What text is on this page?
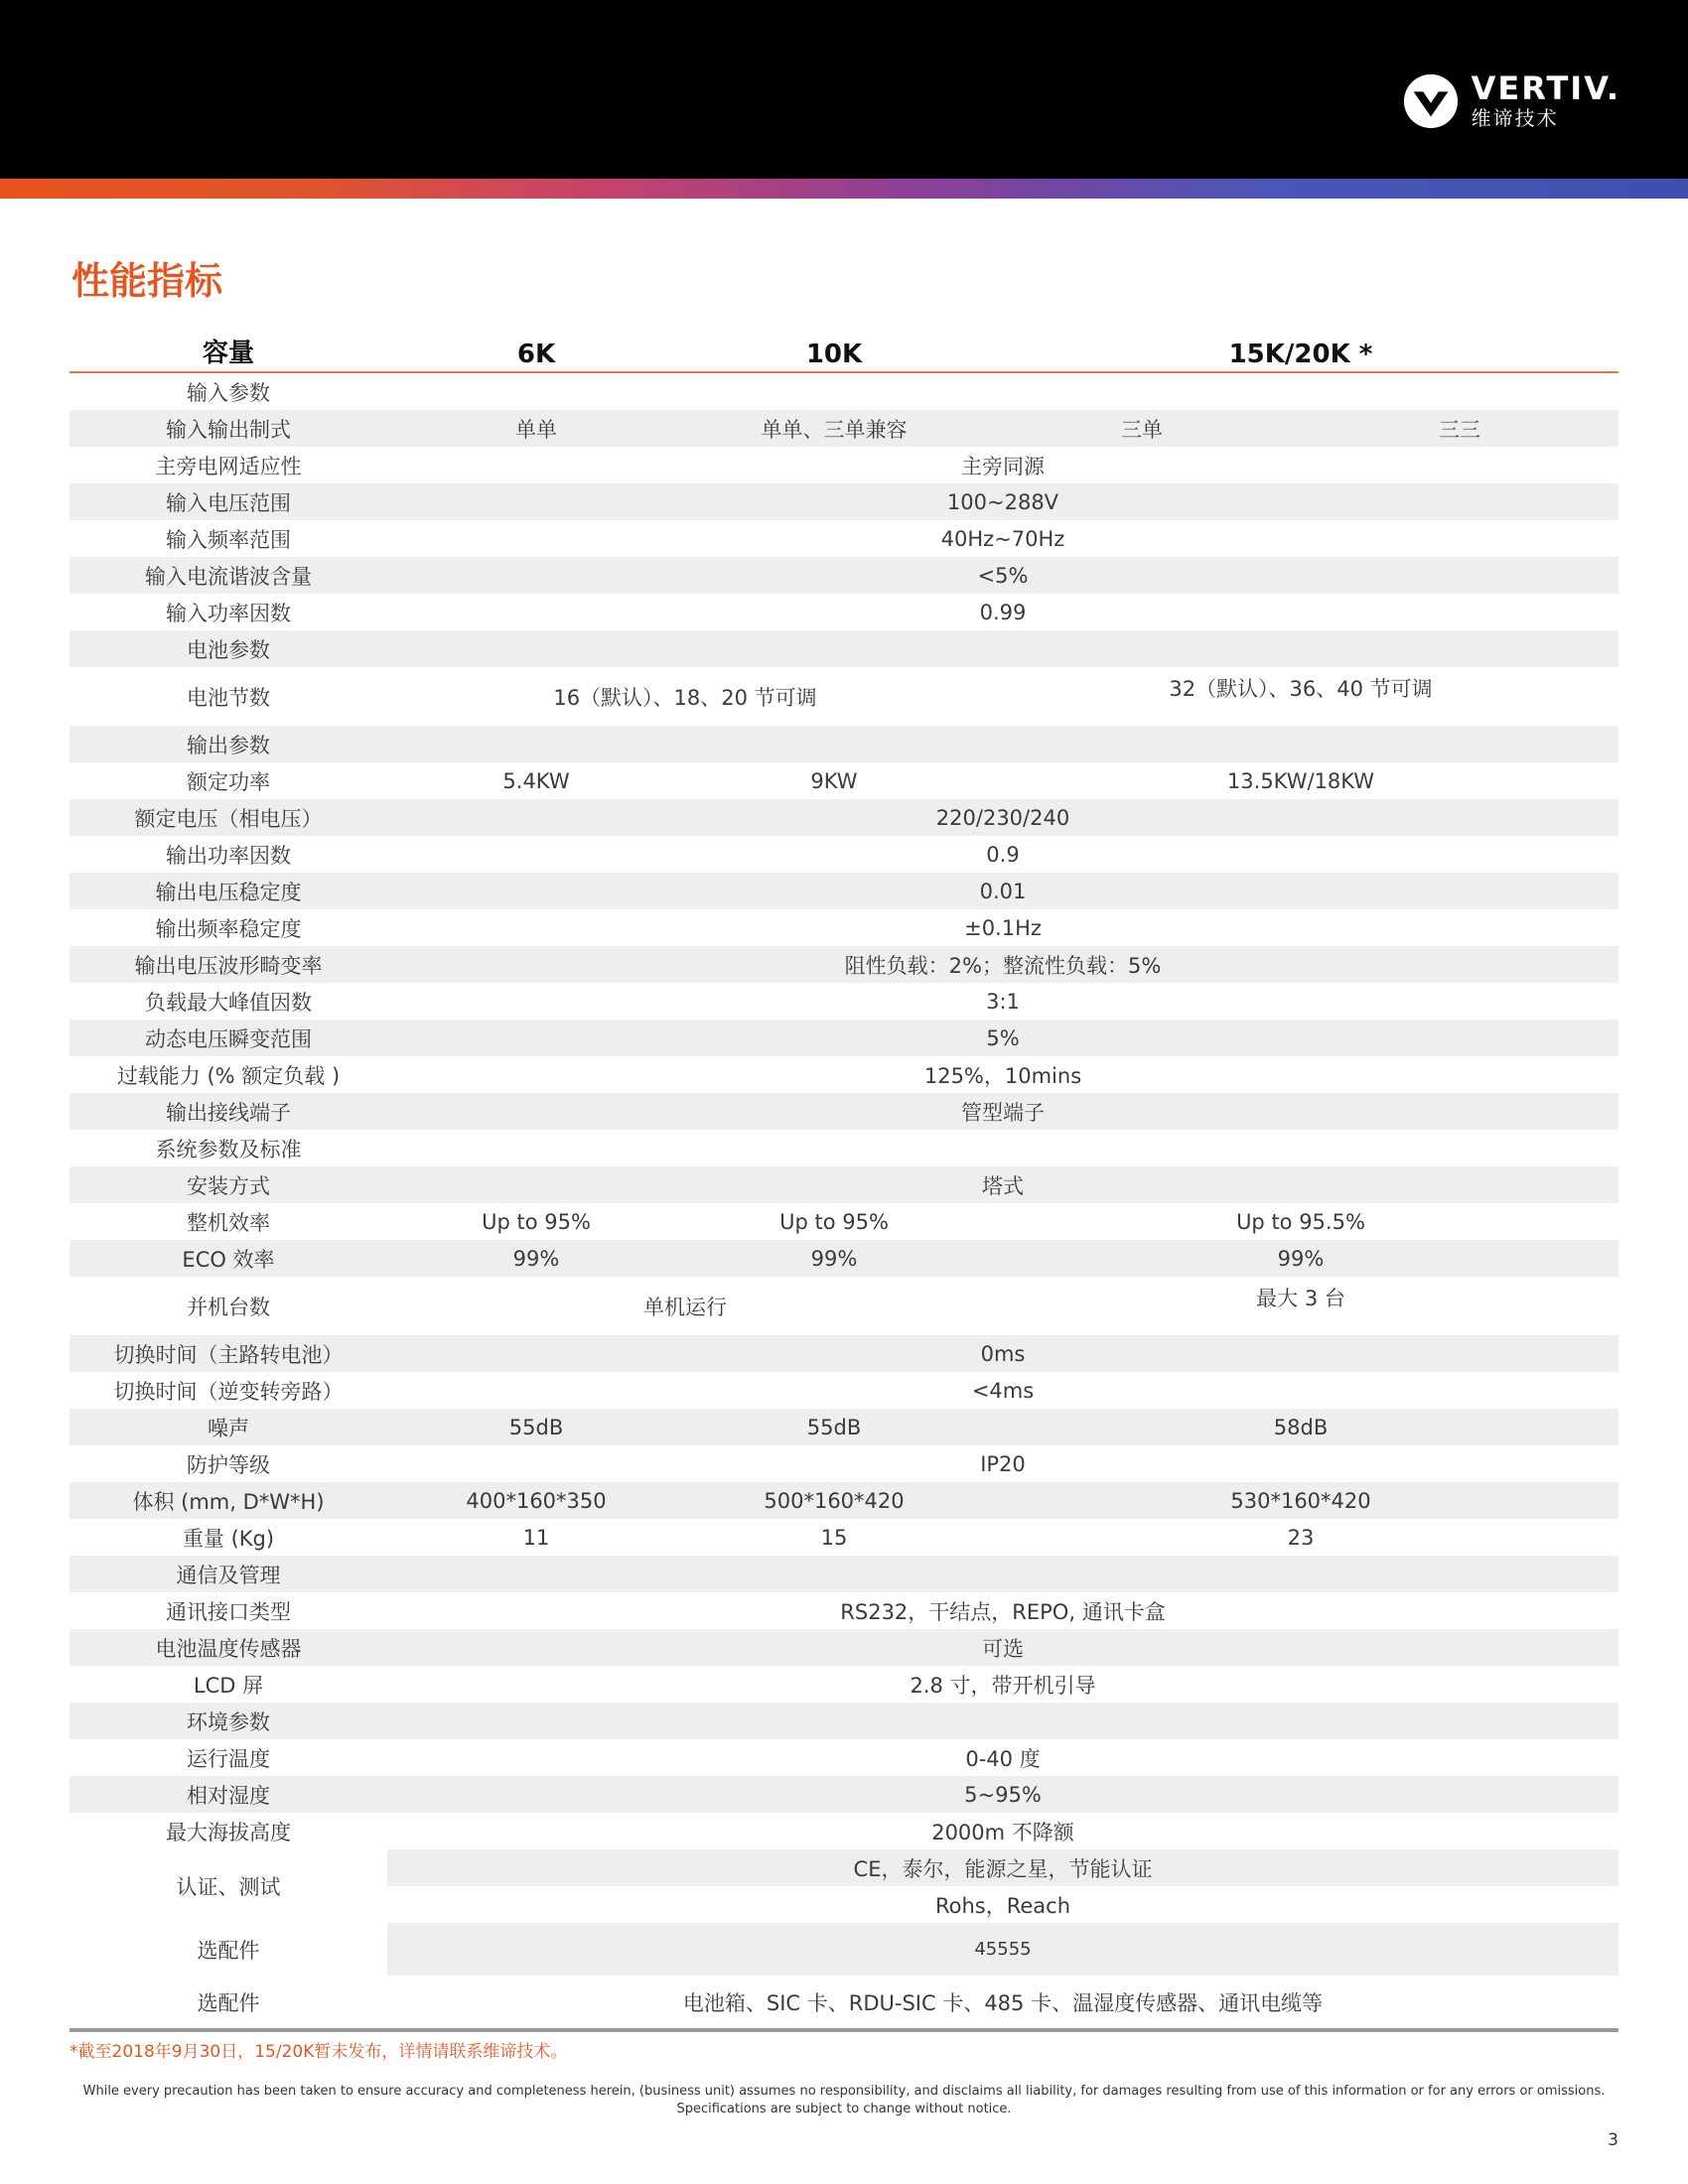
VERTIV.
维谛技术
性能指标
容量	6K	10K	15K/20K *	
输入参数				
输入输出制式	单单	单单、三单兼容	三单	三三
主旁电网适应性	主旁同源			
输入电压范围	100~288V			
输入频率范围	40Hz~70Hz			
输入电流谐波含量	<5%			
输入功率因数	0.99			
电池参数				
电池节数	16（默认）、18、20 节可调		32（默认）、36、40 节可调	
输出参数				
额定功率	5.4KW	9KW	13.5KW/18KW	
额定电压（相电压）	220/230/240			
输出功率因数	0.9			
输出电压稳定度	0.01			
输出频率稳定度	±0.1Hz			
输出电压波形畸变率	阻性负载：2%；整流性负载：5%			
负载最大峰值因数	3:1			
动态电压瞬变范围	5%			
过载能力 (% 额定负载 )	125%，10mins			
输出接线端子	管型端子			
系统参数及标准				
安装方式	塔式			
整机效率	Up to 95%	Up to 95%	Up to 95.5%	
ECO 效率	99%	99%	99%	
并机台数	单机运行		最大 3 台	
切换时间（主路转电池）	0ms			
切换时间（逆变转旁路）	<4ms			
噪声	55dB	55dB	58dB	
防护等级	IP20			
体积 (mm, D*W*H)	400*160*350	500*160*420	530*160*420	
重量 (Kg)	11	15	23	
通信及管理				
通讯接口类型	RS232，干结点，REPO, 通讯卡盒			
电池温度传感器	可选			
LCD 屏	2.8 寸，带开机引导			
环境参数				
运行温度	0-40 度			
相对湿度	5~95%			
最大海拔高度	2000m 不降额			
认证、测试	CE，泰尔，能源之星，节能认证			
	Rohs，Reach			
选配件	45555			
选配件	电池箱、SIC 卡、RDU-SIC 卡、485 卡、温湿度传感器、通讯电缆等			
*截至2018年9月30日，15/20K暂未发布，详情请联系维谛技术。
While every precaution has been taken to ensure accuracy and completeness herein, (business unit) assumes no responsibility, and disclaims all liability, for damages resulting from use of this information or for any errors or omissions.
Specifications are subject to change without notice.
3
